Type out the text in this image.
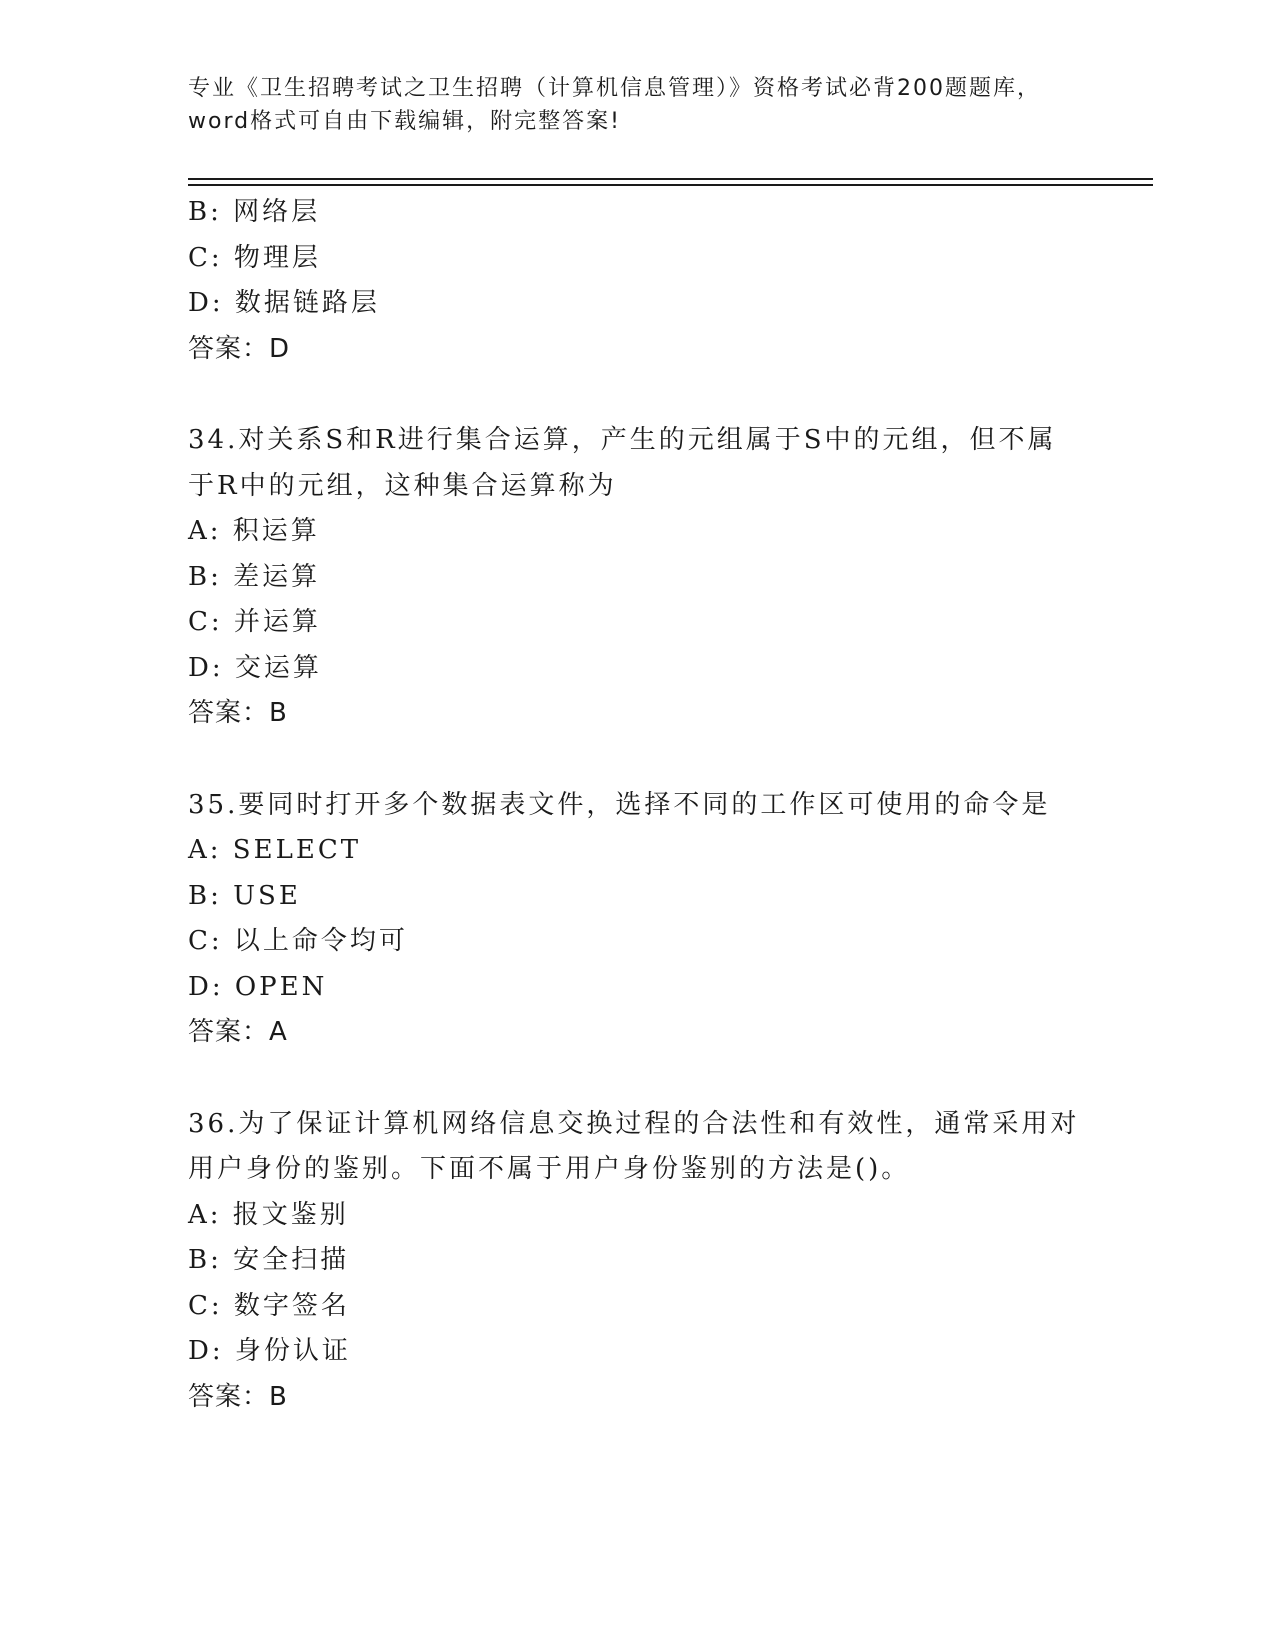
专业《卫生招聘考试之卫生招聘（计算机信息管理）》资格考试必背200题题库，
word格式可自由下载编辑，附完整答案!
B: 网络层
C: 物理层
D: 数据链路层
答案：D
34.对关系S和R进行集合运算，产生的元组属于S中的元组，但不属
于R中的元组，这种集合运算称为
A: 积运算
B: 差运算
C: 并运算
D: 交运算
答案：B
35.要同时打开多个数据表文件，选择不同的工作区可使用的命令是
A: SELECT
B: USE
C: 以上命令均可
D: OPEN
答案：A
36.为了保证计算机网络信息交换过程的合法性和有效性，通常采用对
用户身份的鉴别。下面不属于用户身份鉴别的方法是()。
A: 报文鉴别
B: 安全扫描
C: 数字签名
D: 身份认证
答案：B
